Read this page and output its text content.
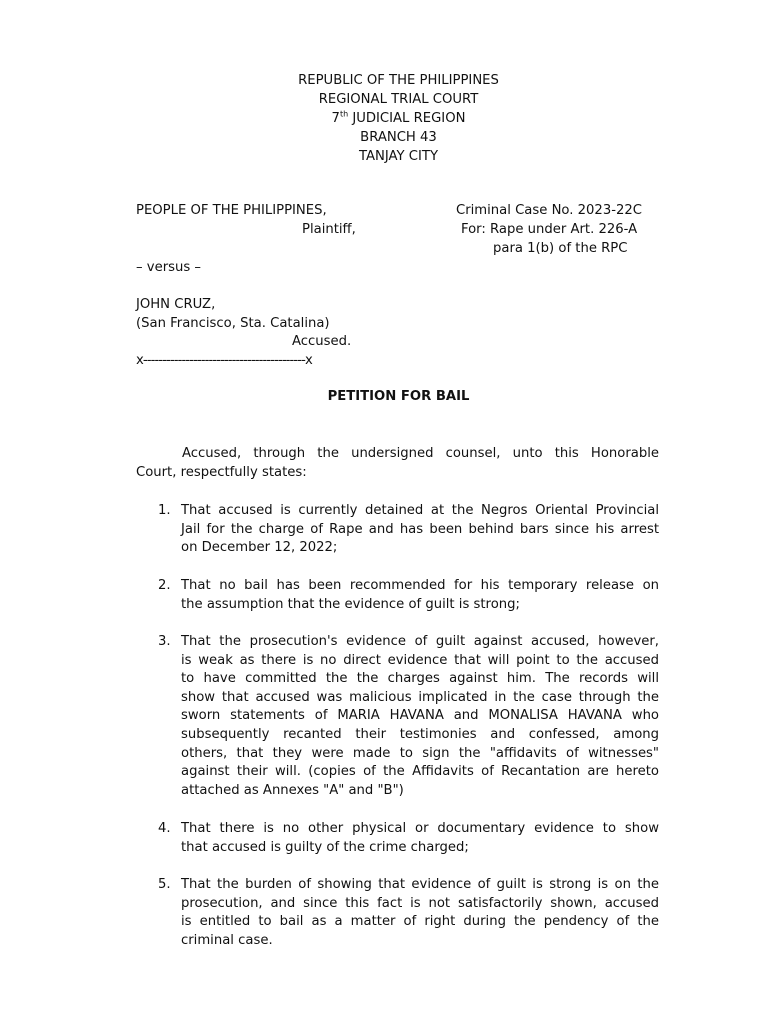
REPUBLIC OF THE PHILIPPINES
REGIONAL TRIAL COURT
7th JUDICIAL REGION
BRANCH 43
TANJAY CITY
PEOPLE OF THE PHILIPPINES,
Plaintiff,
– versus –
JOHN CRUZ,
(San Francisco, Sta. Catalina)
Accused.
x------------------------------------------x
Criminal Case No. 2023-22C
For: Rape under Art. 226-A
para 1(b) of the RPC
PETITION FOR BAIL
Accused, through the undersigned counsel, unto this Honorable
Court, respectfully states:
1. That accused is currently detained at the Negros Oriental Provincial
Jail for the charge of Rape and has been behind bars since his arrest
on December 12, 2022;
2. That no bail has been recommended for his temporary release on
the assumption that the evidence of guilt is strong;
3. That the prosecution's evidence of guilt against accused, however,
is weak as there is no direct evidence that will point to the accused
to have committed the the charges against him. The records will
show that accused was malicious implicated in the case through the
sworn statements of MARIA HAVANA and MONALISA HAVANA who
subsequently recanted their testimonies and confessed, among
others, that they were made to sign the "affidavits of witnesses"
against their will. (copies of the Affidavits of Recantation are hereto
attached as Annexes "A" and "B")
4. That there is no other physical or documentary evidence to show
that accused is guilty of the crime charged;
5. That the burden of showing that evidence of guilt is strong is on the
prosecution, and since this fact is not satisfactorily shown, accused
is entitled to bail as a matter of right during the pendency of the
criminal case.
